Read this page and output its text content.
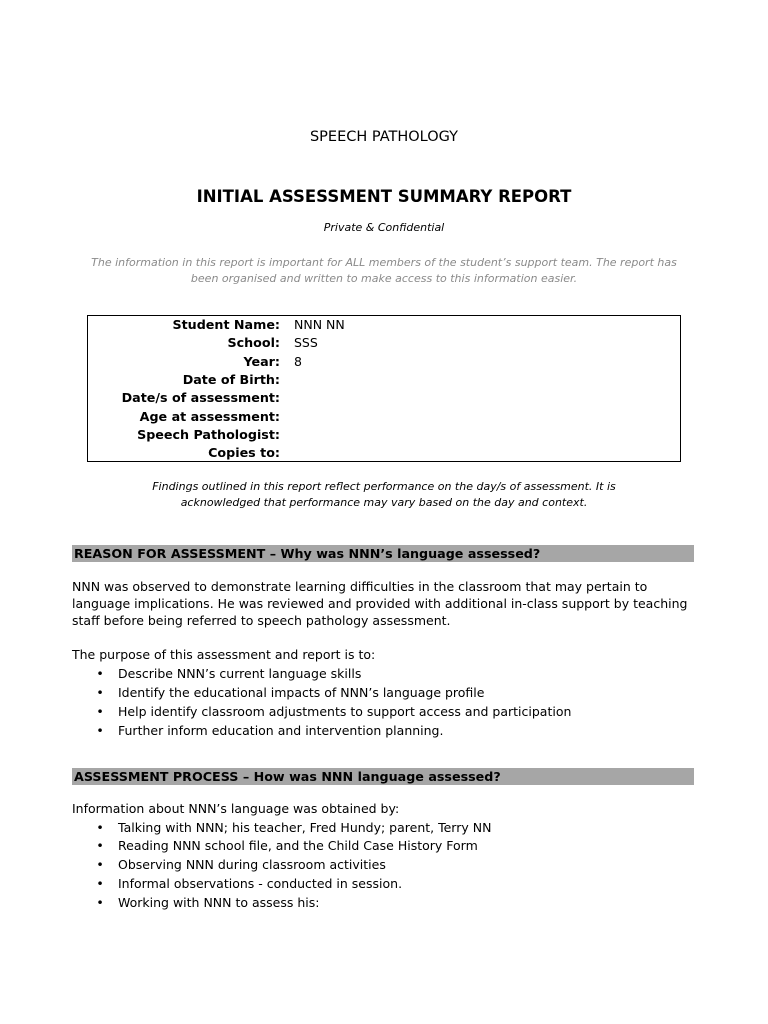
SPEECH PATHOLOGY
INITIAL ASSESSMENT SUMMARY REPORT
Private & Confidential
The information in this report is important for ALL members of the student’s support team. The report has
been organised and written to make access to this information easier.
Student Name: NNN NN
School: SSS
Year: 8
Date of Birth:
Date/s of assessment:
Age at assessment:
Speech Pathologist:
Copies to:
Findings outlined in this report reflect performance on the day/s of assessment. It is
acknowledged that performance may vary based on the day and context.
REASON FOR ASSESSMENT – Why was NNN’s language assessed?
NNN was observed to demonstrate learning difficulties in the classroom that may pertain to
language implications. He was reviewed and provided with additional in-class support by teaching
staff before being referred to speech pathology assessment.
The purpose of this assessment and report is to:
•
Describe NNN’s current language skills
•
Identify the educational impacts of NNN’s language profile
•
Help identify classroom adjustments to support access and participation
•
Further inform education and intervention planning.
ASSESSMENT PROCESS – How was NNN language assessed?
Information about NNN’s language was obtained by:
•
Talking with NNN; his teacher, Fred Hundy; parent, Terry NN
•
Reading NNN school file, and the Child Case History Form
•
Observing NNN during classroom activities
•
Informal observations - conducted in session.
•
Working with NNN to assess his:
